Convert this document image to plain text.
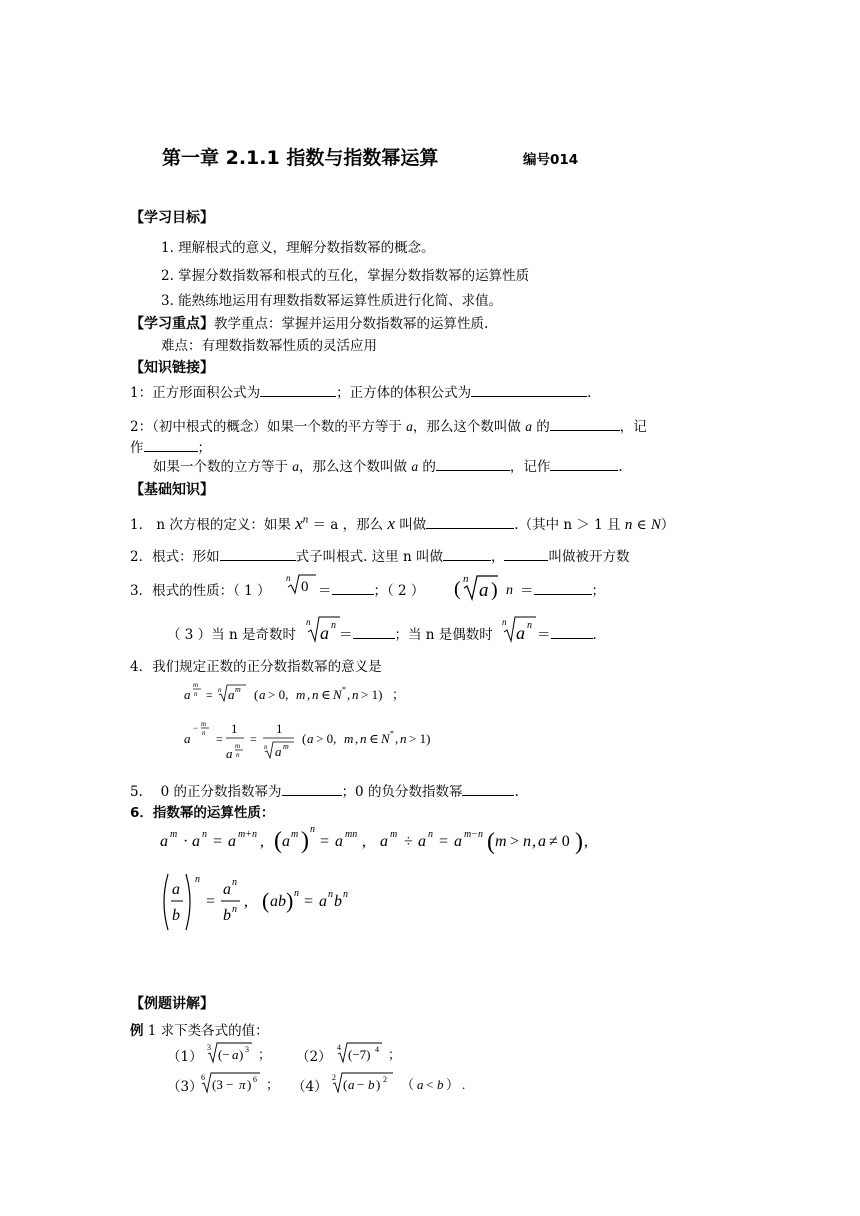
第一章 2.1.1 指数与指数幂运算	编号014
【学习目标】
1. 理解根式的意义，理解分数指数幂的概念。
2. 掌握分数指数幂和根式的互化，掌握分数指数幂的运算性质
3. 能熟练地运用有理数指数幂运算性质进行化简、求值。
【学习重点】教学重点：掌握并运用分数指数幂的运算性质.
难点：有理数指数幂性质的灵活应用
【知识链接】
1：正方形面积公式为	；正方体的体积公式为	.
2：（初中根式的概念）如果一个数的平方等于 a，那么这个数叫做 a 的	，记
作	；
如果一个数的立方等于 a，那么这个数叫做 a 的	，记作	.
【基础知识】
1． n 次方根的定义：如果 $x^n = a$ ，那么 x 叫做	.（其中 n ＞ 1 且 n ∈ N）
2．根式：形如	式子叫根式. 这里 n 叫做	，	叫做被开方数
3．根式的性质：（ 1 ）
n
0 ＝	；（ 2 ） ( n
a ) n ＝	；
（ 3 ）当 n 是奇数时
n
a n
＝	；当 n 是偶数时
n
a n
＝	.
4．我们规定正数的正分数指数幂的意义是
a
m
n = n a m ( a > 0, m , n ∈ N * , n > 1) ；
a
− m
n =
1
a m
n
=
1
n a m
( a > 0, m , n ∈ N * , n > 1)
5.　 0 的正分数指数幂为	；0 的负分数指数幂	.
6．指数幂的运算性质：
a m · a n = a m+n , ( a m ) n
= a mn , a m ÷ a n = a m−n ( m > n , a ≠ 0 ) ,
a
b
n
=
a n
b n , ( ab ) n = a n b n
【例题讲解】
例 1 求下类各式的值：
（1）
3 (− a ) 3 ； （2）
4 (−7) 4 ；
（3）
6 (3 − π ) 6 ； （4）
2 ( a − b ) 2 （ a < b ） .
